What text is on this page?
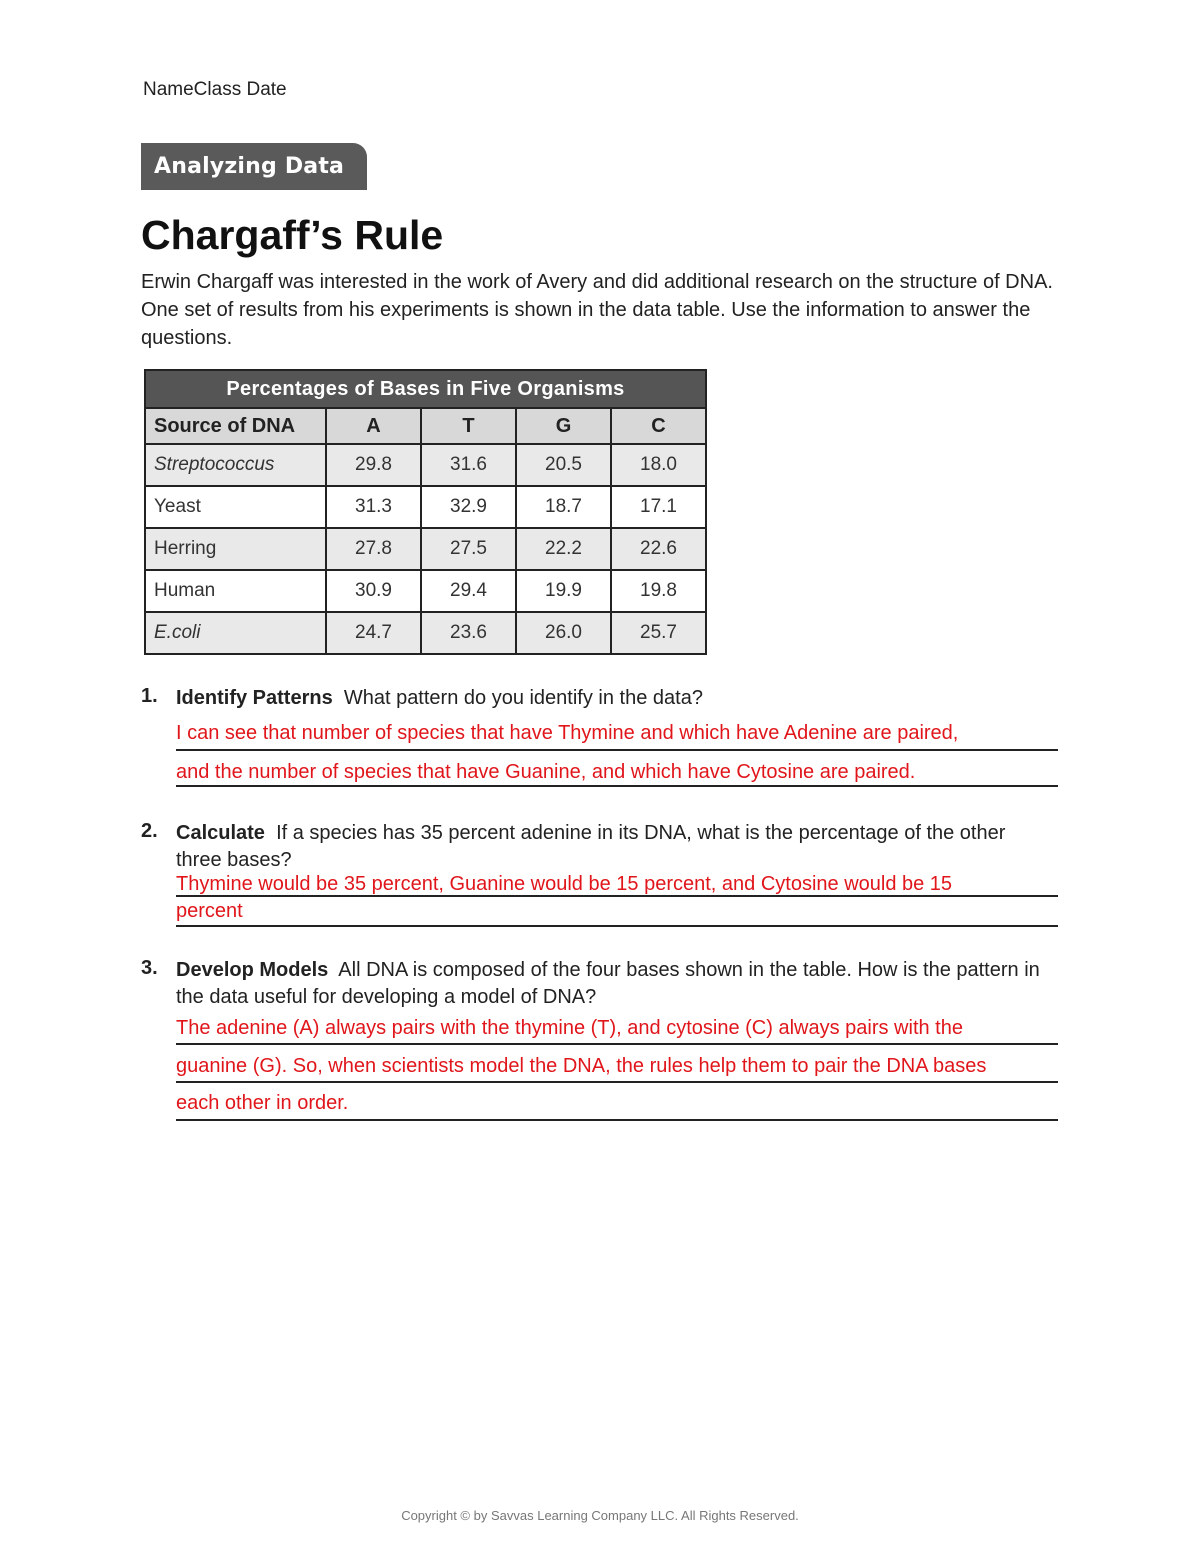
NameClass Date
Analyzing Data
Chargaff’s Rule

Erwin Chargaff was interested in the work of Avery and did additional research on the structure of DNA. One set of results from his experiments is shown in the data table. Use the information to answer the questions.

Percentages of Bases in Five Organisms				
Source of DNA	A	T	G	C
Streptococcus	29.8	31.6	20.5	18.0
Yeast	31.3	32.9	18.7	17.1
Herring	27.8	27.5	22.2	22.6
Human	30.9	29.4	19.9	19.8
E.coli	24.7	23.6	26.0	25.7
1. Identify Patterns What pattern do you identify in the data?
I can see that number of species that have Thymine and which have Adenine are paired,
and the number of species that have Guanine, and which have Cytosine are paired.
2. Calculate If a species has 35 percent adenine in its DNA, what is the percentage of the other three bases?
Thymine would be 35 percent, Guanine would be 15 percent, and Cytosine would be 15
percent
3. Develop Models All DNA is composed of the four bases shown in the table. How is the pattern in the data useful for developing a model of DNA?
The adenine (A) always pairs with the thymine (T), and cytosine (C) always pairs with the
guanine (G). So, when scientists model the DNA, the rules help them to pair the DNA bases
each other in order.
Copyright © by Savvas Learning Company LLC. All Rights Reserved.
